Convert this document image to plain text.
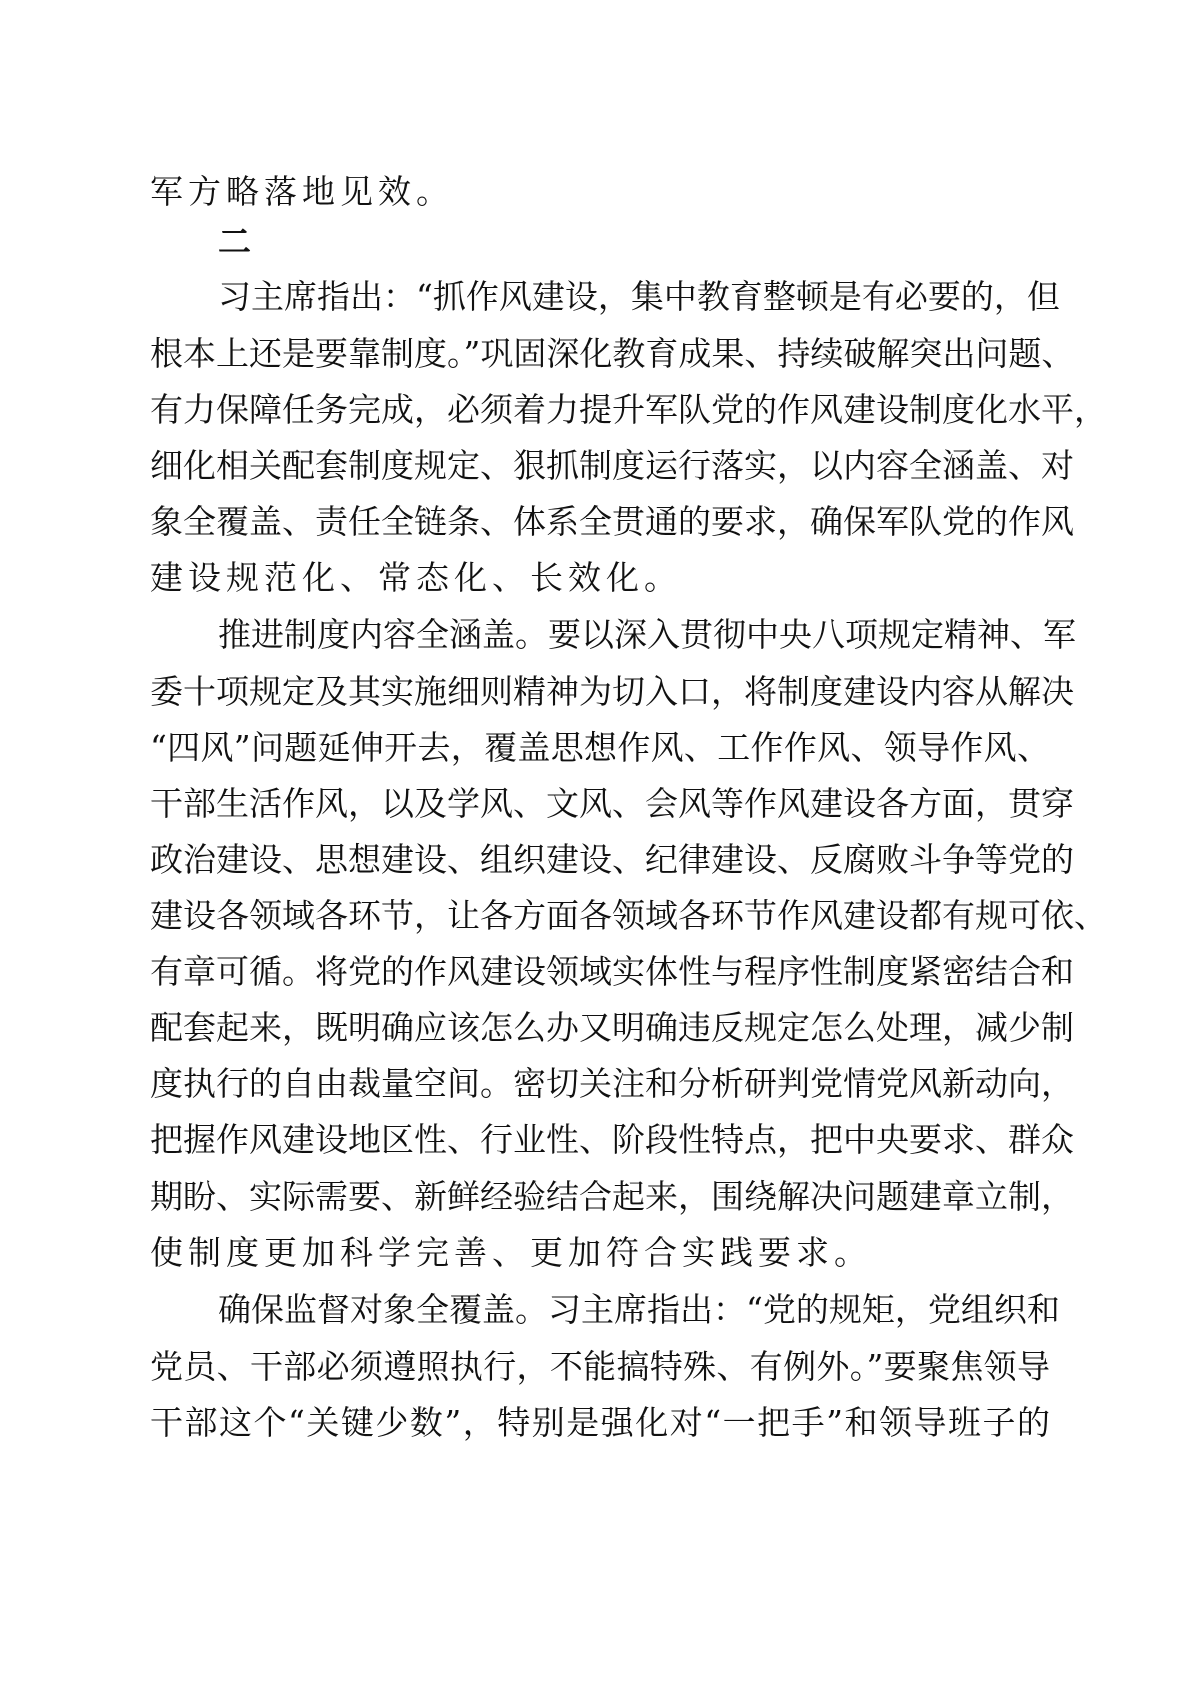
军方略落地见效。
二
习主席指出：“抓作风建设，集中教育整顿是有必要的，但
根本上还是要靠制度。”巩固深化教育成果、持续破解突出问题、
有力保障任务完成，必须着力提升军队党的作风建设制度化水平，
细化相关配套制度规定、狠抓制度运行落实，以内容全涵盖、对
象全覆盖、责任全链条、体系全贯通的要求，确保军队党的作风
建设规范化、常态化、长效化。
推进制度内容全涵盖。要以深入贯彻中央八项规定精神、军
委十项规定及其实施细则精神为切入口，将制度建设内容从解决
“四风”问题延伸开去，覆盖思想作风、工作作风、领导作风、
干部生活作风，以及学风、文风、会风等作风建设各方面，贯穿
政治建设、思想建设、组织建设、纪律建设、反腐败斗争等党的
建设各领域各环节，让各方面各领域各环节作风建设都有规可依、
有章可循。将党的作风建设领域实体性与程序性制度紧密结合和
配套起来，既明确应该怎么办又明确违反规定怎么处理，减少制
度执行的自由裁量空间。密切关注和分析研判党情党风新动向，
把握作风建设地区性、行业性、阶段性特点，把中央要求、群众
期盼、实际需要、新鲜经验结合起来，围绕解决问题建章立制，
使制度更加科学完善、更加符合实践要求。
确保监督对象全覆盖。习主席指出：“党的规矩，党组织和
党员、干部必须遵照执行，不能搞特殊、有例外。”要聚焦领导
干部这个“关键少数”，特别是强化对“一把手”和领导班子的
